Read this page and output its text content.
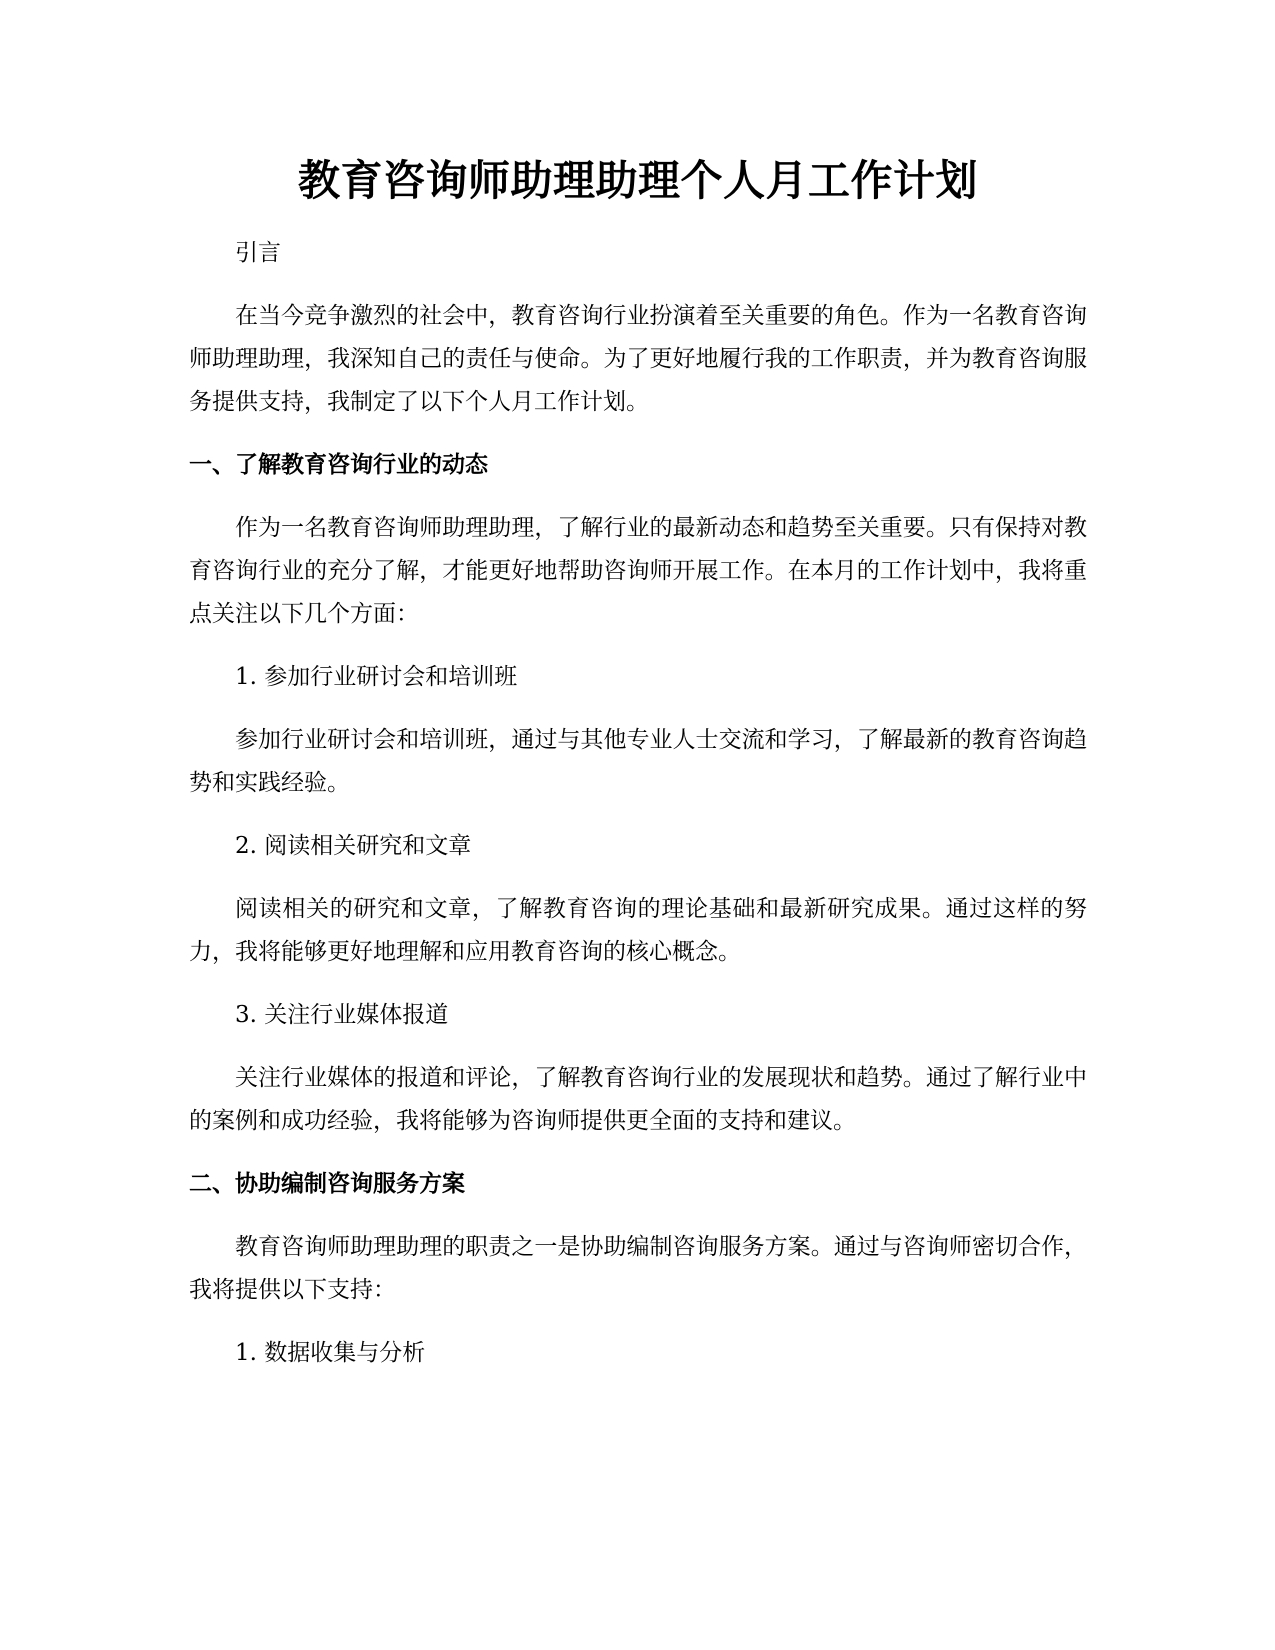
教育咨询师助理助理个人月工作计划

引言

在当今竞争激烈的社会中，教育咨询行业扮演着至关重要的角色。作为一名教育咨询师助理助理，我深知自己的责任与使命。为了更好地履行我的工作职责，并为教育咨询服务提供支持，我制定了以下个人月工作计划。

一、了解教育咨询行业的动态

作为一名教育咨询师助理助理，了解行业的最新动态和趋势至关重要。只有保持对教育咨询行业的充分了解，才能更好地帮助咨询师开展工作。在本月的工作计划中，我将重点关注以下几个方面：

1. 参加行业研讨会和培训班

参加行业研讨会和培训班，通过与其他专业人士交流和学习，了解最新的教育咨询趋势和实践经验。

2. 阅读相关研究和文章

阅读相关的研究和文章，了解教育咨询的理论基础和最新研究成果。通过这样的努力，我将能够更好地理解和应用教育咨询的核心概念。

3. 关注行业媒体报道

关注行业媒体的报道和评论，了解教育咨询行业的发展现状和趋势。通过了解行业中的案例和成功经验，我将能够为咨询师提供更全面的支持和建议。

二、协助编制咨询服务方案

教育咨询师助理助理的职责之一是协助编制咨询服务方案。通过与咨询师密切合作，我将提供以下支持：

1. 数据收集与分析
